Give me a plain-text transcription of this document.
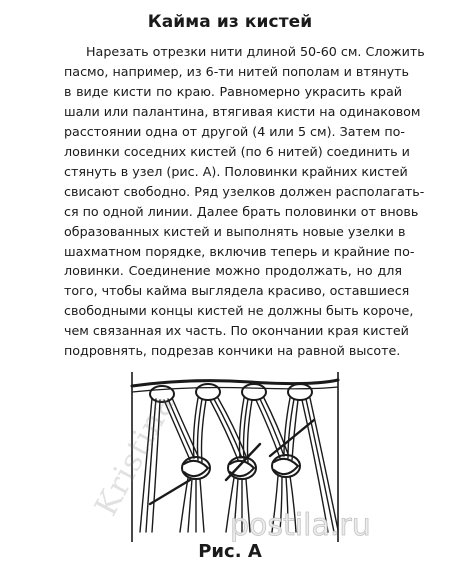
Кайма из кистей

Нарезать отрезки нити длиной 50-60 см. Сложить
пасмо, например, из 6-ти нитей пополам и втянуть
в виде кисти по краю. Равномерно украсить край
шали или палантина, втягивая кисти на одинаковом
расстоянии одна от другой (4 или 5 см). Затем по-
ловинки соседних кистей (по 6 нитей) соединить и
стянуть в узел (рис. А). Половинки крайних кистей
свисают свободно. Ряд узелков должен располагать-
ся по одной линии. Далее брать половинки от вновь
образованных кистей и выполнять новые узелки в
шахматном порядке, включив теперь и крайние по-
ловинки. Соединение можно продолжать, но для
того, чтобы кайма выглядела красиво, оставшиеся
свободными концы кистей не должны быть короче,
чем связанная их часть. По окончании края кистей
подровнять, подрезав кончики на равной высоте.

Рис. А
Kristina
postila.ru
